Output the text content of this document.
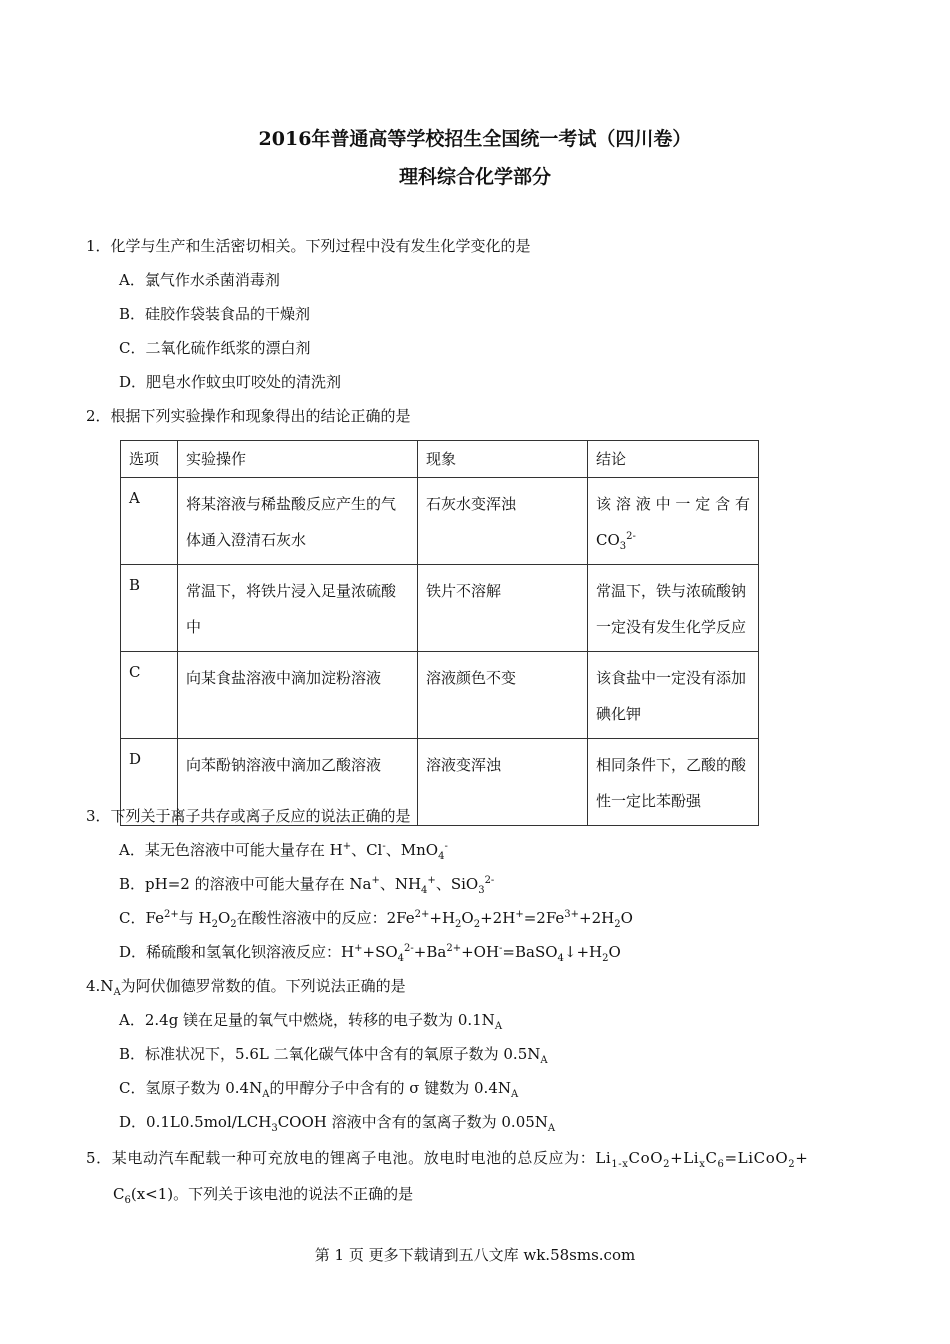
2016年普通高等学校招生全国统一考试（四川卷）
理科综合化学部分
1．化学与生产和生活密切相关。下列过程中没有发生化学变化的是
A．氯气作水杀菌消毒剂
B．硅胶作袋装食品的干燥剂
C．二氧化硫作纸浆的漂白剂
D．肥皂水作蚊虫叮咬处的清洗剂
2．根据下列实验操作和现象得出的结论正确的是
选项	实验操作	现象	结论
A	将某溶液与稀盐酸反应产生的气体通入澄清石灰水	石灰水变浑浊	该溶液中一定含有
$CO_3^{2-}$

B	常温下，将铁片浸入足量浓硫酸中	铁片不溶解	常温下，铁与浓硫酸钠一定没有发生化学反应
C	向某食盐溶液中滴加淀粉溶液	溶液颜色不变	该食盐中一定没有添加碘化钾
D	向苯酚钠溶液中滴加乙酸溶液	溶液变浑浊	相同条件下，乙酸的酸性一定比苯酚强
3．下列关于离子共存或离子反应的说法正确的是
A．某无色溶液中可能大量存在 H+、Cl-、MnO$_4$-
B．pH=2 的溶液中可能大量存在 Na+、$NH_4^+$、SiO$_3^{2-}$
C．$Fe^{2+}$与 $H_2O_2$在酸性溶液中的反应：$2Fe^{2+}+H_2O_2+2H^+=2Fe^{3+}+2H_2O$
D．稀硫酸和氢氧化钡溶液反应：$H^++SO_4^{2-}+Ba^{2+}+OH^-=BaSO_4↓+H_2O$
$4.N_A$为阿伏伽德罗常数的值。下列说法正确的是
A．2.4g 镁在足量的氧气中燃烧，转移的电子数为 $0.1N_A$
B．标准状况下，5.6L 二氧化碳气体中含有的氧原子数为 $0.5N_A$
C．氢原子数为 $0.4N_A$的甲醇分子中含有的 σ 键数为 $0.4N_A$
D．$0.1L0.5mol/LCH_3COOH$ 溶液中含有的氢离子数为 $0.05N_A$
5．某电动汽车配载一种可充放电的锂离子电池。放电时电池的总反应为：$Li_{1-x}CoO_2+Li_xC_6=LiCoO_2+$
$C_6(x<1)$。下列关于该电池的说法不正确的是
第 1 页 更多下载请到五八文库 wk.58sms.com
